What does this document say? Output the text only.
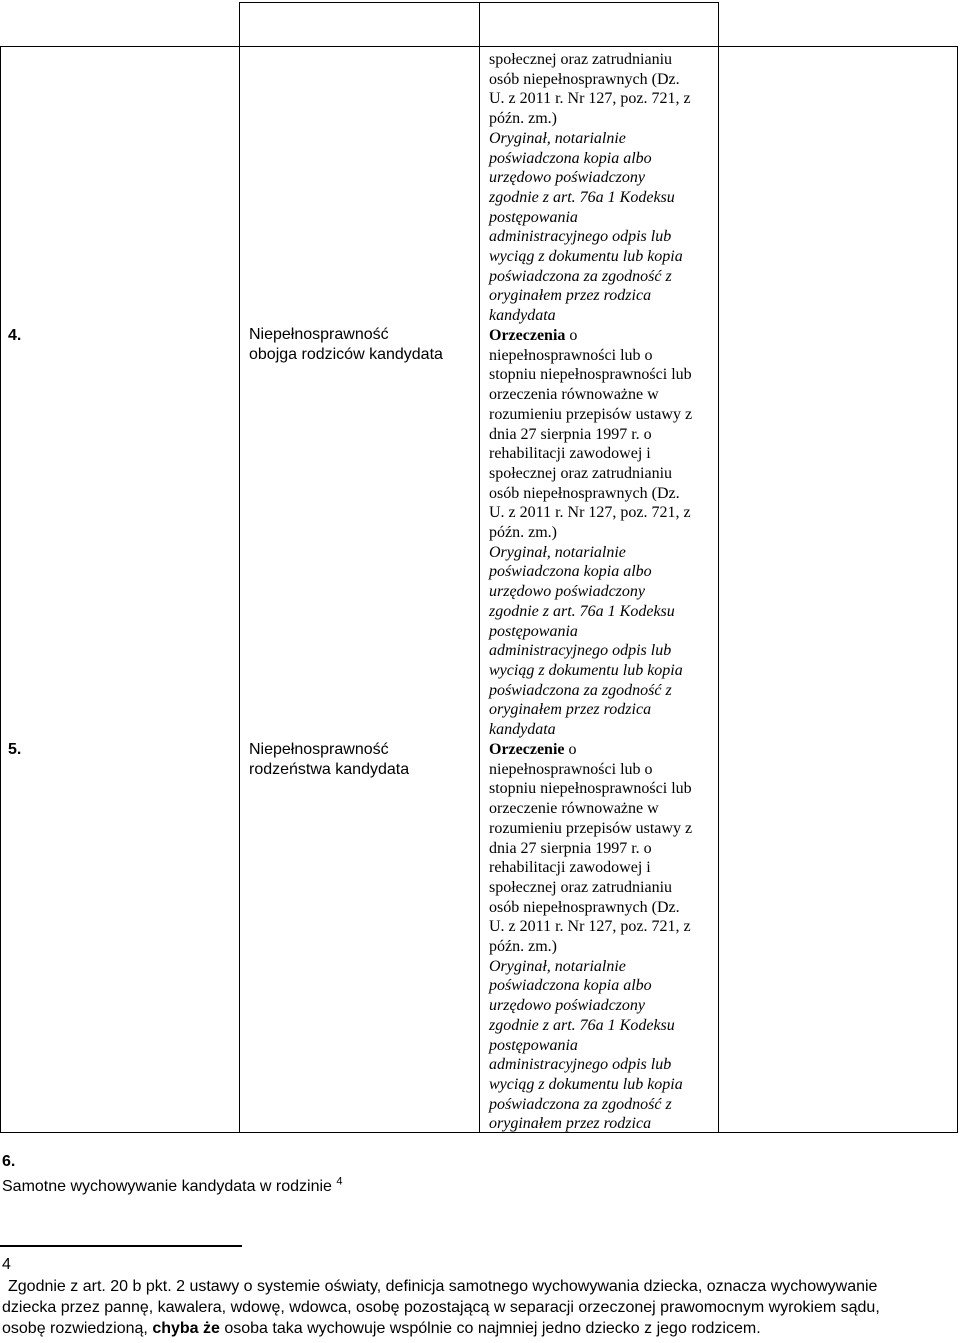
społecznej oraz zatrudnianiu
osób niepełnosprawnych (Dz.
U. z 2011 r. Nr 127, poz. 721, z
późn. zm.)
Oryginał, notarialnie
poświadczona kopia albo
urzędowo poświadczony
zgodnie z art. 76a 1 Kodeksu
postępowania
administracyjnego odpis lub
wyciąg z dokumentu lub kopia
poświadczona za zgodność z
oryginałem przez rodzica
kandydata
4.	Niepełnosprawność
obojga rodziców kandydata
Orzeczenia o
niepełnosprawności lub o
stopniu niepełnosprawności lub
orzeczenia równoważne w
rozumieniu przepisów ustawy z
dnia 27 sierpnia 1997 r. o
rehabilitacji zawodowej i
społecznej oraz zatrudnianiu
osób niepełnosprawnych (Dz.
U. z 2011 r. Nr 127, poz. 721, z
późn. zm.)
Oryginał, notarialnie
poświadczona kopia albo
urzędowo poświadczony
zgodnie z art. 76a 1 Kodeksu
postępowania
administracyjnego odpis lub
wyciąg z dokumentu lub kopia
poświadczona za zgodność z
oryginałem przez rodzica
kandydata
5.	Niepełnosprawność
rodzeństwa kandydata
Orzeczenie o
niepełnosprawności lub o
stopniu niepełnosprawności lub
orzeczenie równoważne w
rozumieniu przepisów ustawy z
dnia 27 sierpnia 1997 r. o
rehabilitacji zawodowej i
społecznej oraz zatrudnianiu
osób niepełnosprawnych (Dz.
U. z 2011 r. Nr 127, poz. 721, z
późn. zm.)
Oryginał, notarialnie
poświadczona kopia albo
urzędowo poświadczony
zgodnie z art. 76a 1 Kodeksu
postępowania
administracyjnego odpis lub
wyciąg z dokumentu lub kopia
poświadczona za zgodność z
oryginałem przez rodzica
6.
Samotne wychowywanie kandydata w rodzinie $^4$
4
Zgodnie z art. 20 b pkt. 2 ustawy o systemie oświaty, definicja samotnego wychowywania dziecka, oznacza wychowywanie
dziecka przez pannę, kawalera, wdowę, wdowca, osobę pozostającą w separacji orzeczonej prawomocnym wyrokiem sądu,
osobę rozwiedzioną, chyba że osoba taka wychowuje wspólnie co najmniej jedno dziecko z jego rodzicem.
